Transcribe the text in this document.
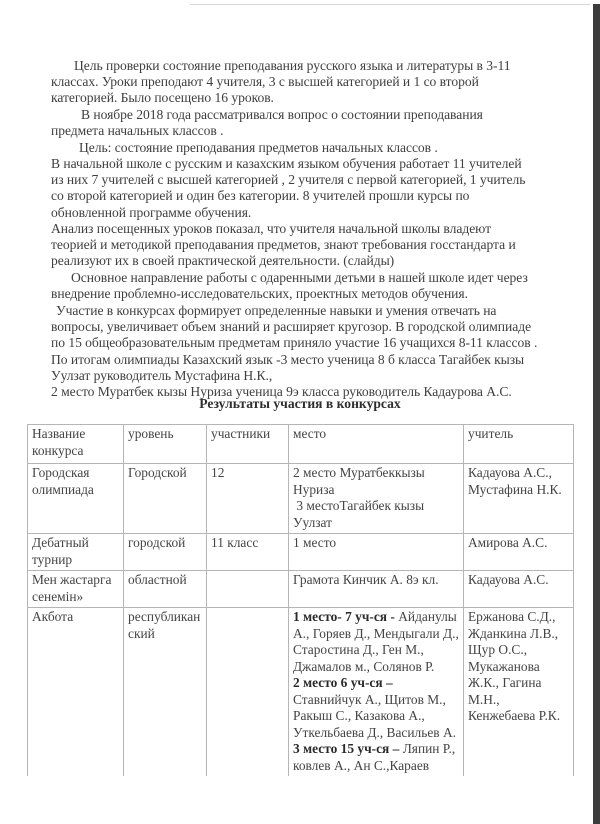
Цель проверки состояние преподавания русского языка и литературы в 3-11

классах. Уроки преподают 4 учителя, 3 с высшей категорией и 1 со второй

категорией. Было посещено 16 уроков.

В ноябре 2018 года рассматривался вопрос о состоянии преподавания

предмета начальных классов .

Цель: состояние преподавания предметов начальных классов .

В начальной школе с русским и казахским языком обучения работает 11 учителей

из них 7 учителей с высшей категорией , 2 учителя с первой категорией, 1 учитель

со второй категорией и один без категории. 8 учителей прошли курсы по

обновленной программе обучения.

Анализ посещенных уроков показал, что учителя начальной школы владеют

теорией и методикой преподавания предметов, знают требования госстандарта и

реализуют их в своей практической деятельности. (слайды)

Основное направление работы с одаренными детьми в нашей школе идет через

внедрение проблемно-исследовательских, проектных методов обучения.

Участие в конкурсах формирует определенные навыки и умения отвечать на

вопросы, увеличивает объем знаний и расширяет кругозор. В городской олимпиаде

по 15 общеобразовательным предметам приняло участие 16 учащихся 8-11 классов .

По итогам олимпиады Казахский язык -3 место ученица 8 б класса Тагайбек кызы

Уулзат руководитель Мустафина Н.К.,

2 место Муратбек кызы Нуриза ученица 9э класса руководитель Кадаурова А.С.

Результаты участия в конкурсах
Название конкурса	уровень	участники	место	учитель
Городская олимпиада	Городской	12	2 место Муратбеккызы Нуриза
3 местоТагайбек кызы Уулзат	Кадауова А.С., Мустафина Н.К.
Дебатный турнир	городской	11 класс	1 место	Амирова А.С.
Мен жастарга сенемін»	областной		Грамота Кинчик А. 8э кл.	Кадауова А.С.
Акбота	республиканский		1 место- 7 уч-ся - Айданулы А., Горяев Д., Мендыгали Д., Старостина Д., Ген М., Джамалов м., Солянов Р.
2 место 6 уч-ся – Ставнийчук А., Щитов М., Ракыш С., Казакова А., Уткельбаева Д., Васильев А.
3 место 15 уч-ся – Ляпин Р., ковлев А., Ан С.,Караев	Ержанова С.Д., Жданкина Л.В., Щур О.С., Мукажанова Ж.К., Гагина М.Н., Кенжебаева Р.К.
